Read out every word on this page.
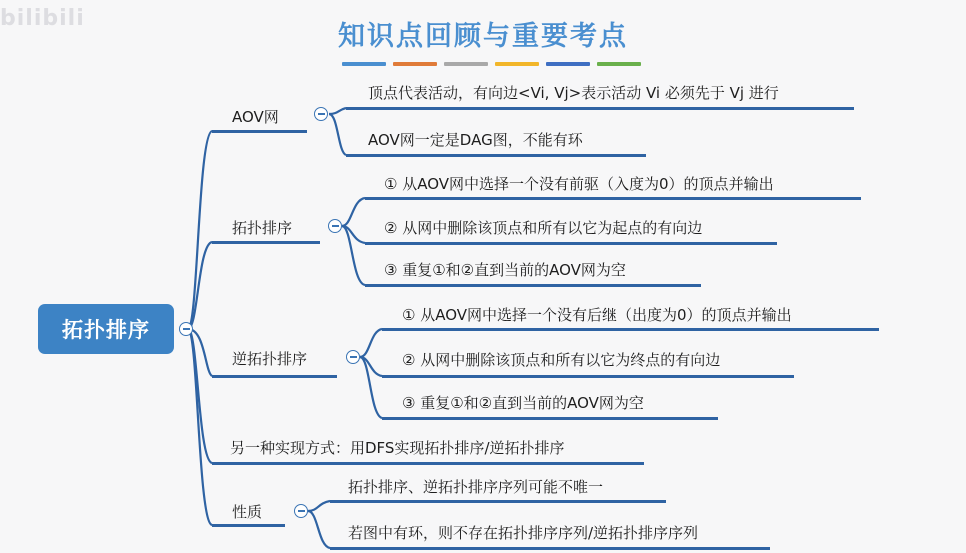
bilibili
知识点回顾与重要考点
拓扑排序
AOV网
顶点代表活动，有向边<Vi, Vj>表示活动 Vi 必须先于 Vj 进行
AOV网一定是DAG图，不能有环
拓扑排序
① 从AOV网中选择一个没有前驱（入度为0）的顶点并输出
② 从网中删除该顶点和所有以它为起点的有向边
③ 重复①和②直到当前的AOV网为空
逆拓扑排序
① 从AOV网中选择一个没有后继（出度为0）的顶点并输出
② 从网中删除该顶点和所有以它为终点的有向边
③ 重复①和②直到当前的AOV网为空
另一种实现方式：用DFS实现拓扑排序/逆拓扑排序
性质
拓扑排序、逆拓扑排序序列可能不唯一
若图中有环，则不存在拓扑排序序列/逆拓扑排序序列
